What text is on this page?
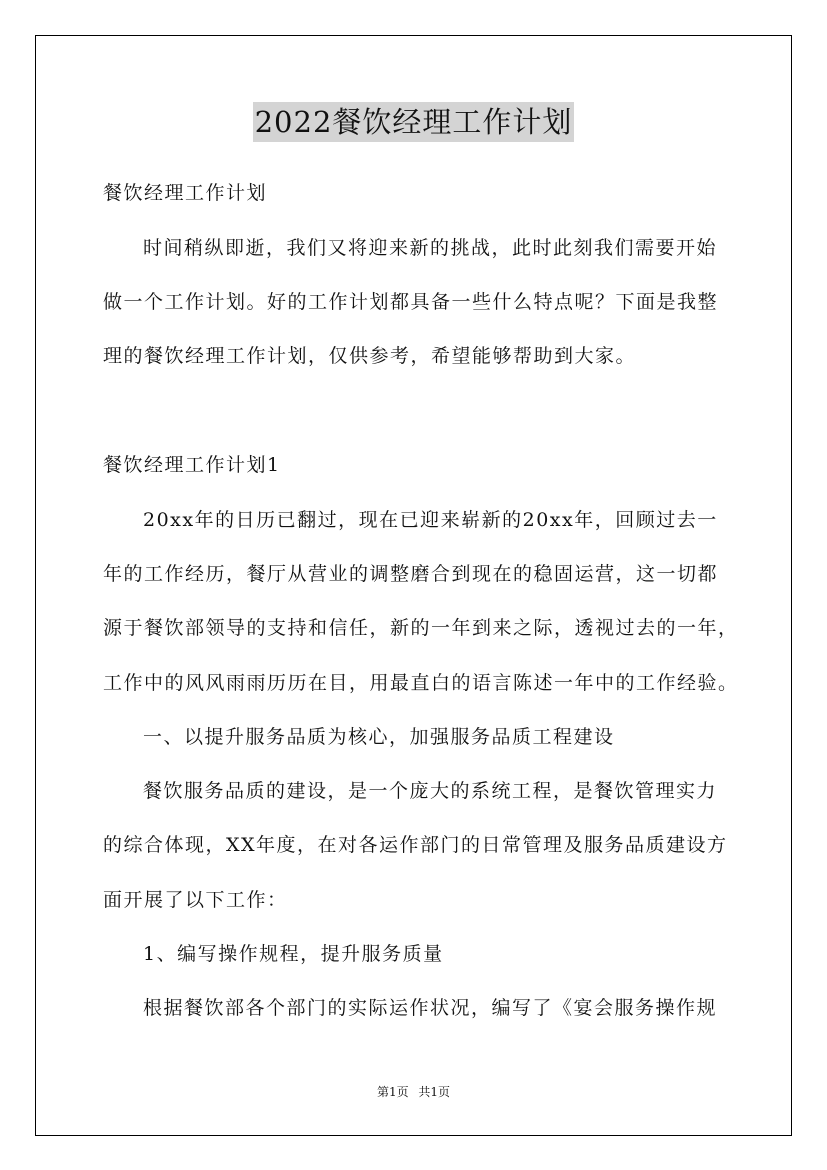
2022餐饮经理工作计划
餐饮经理工作计划
时间稍纵即逝，我们又将迎来新的挑战，此时此刻我们需要开始
做一个工作计划。好的工作计划都具备一些什么特点呢？下面是我整
理的餐饮经理工作计划，仅供参考，希望能够帮助到大家。
餐饮经理工作计划1
20xx年的日历已翻过，现在已迎来崭新的20xx年，回顾过去一
年的工作经历，餐厅从营业的调整磨合到现在的稳固运营，这一切都
源于餐饮部领导的支持和信任，新的一年到来之际，透视过去的一年，
工作中的风风雨雨历历在目，用最直白的语言陈述一年中的工作经验。
一、以提升服务品质为核心，加强服务品质工程建设
餐饮服务品质的建设，是一个庞大的系统工程，是餐饮管理实力
的综合体现，XX年度，在对各运作部门的日常管理及服务品质建设方
面开展了以下工作：
1、编写操作规程，提升服务质量
根据餐饮部各个部门的实际运作状况，编写了《宴会服务操作规
第1页 共1页
